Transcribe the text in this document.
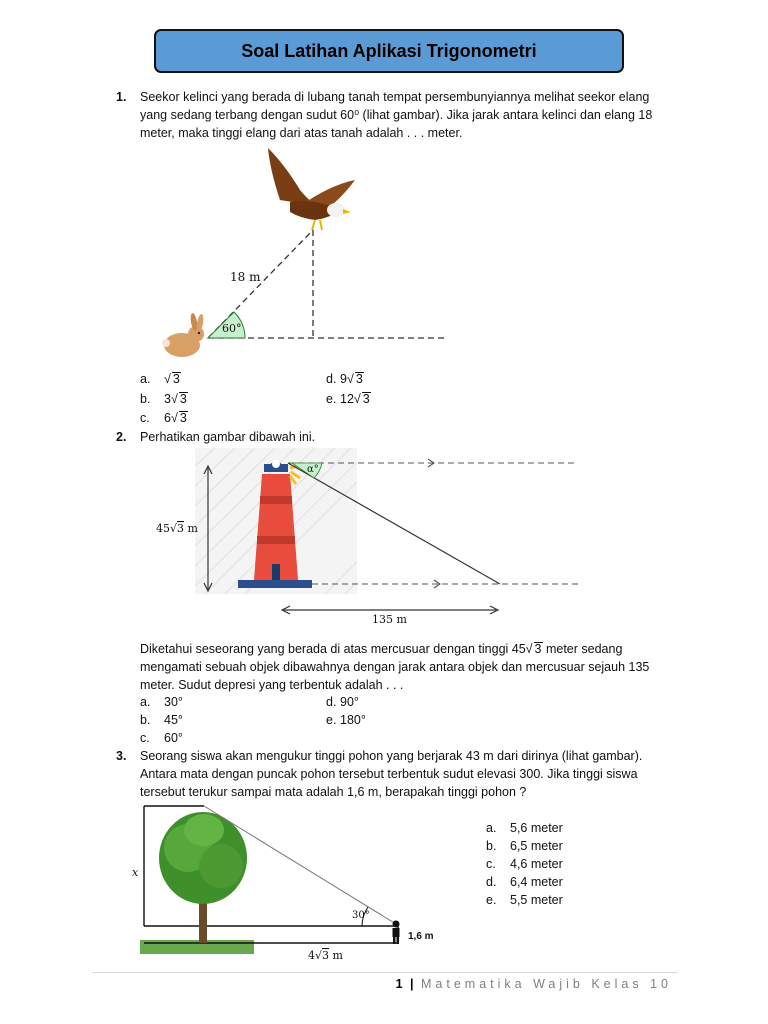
Soal Latihan Aplikasi Trigonometri
1. Seekor kelinci yang berada di lubang tanah tempat persembunyiannya melihat seekor elang yang sedang terbang dengan sudut 60⁰ (lihat gambar). Jika jarak antara kelinci dan elang 18 meter, maka tinggi elang dari atas tanah adalah . . . meter.
60°
18 m
a. √ 3
b. 3√ 3
c. 6√ 3
d. 9√ 3
e. 12√ 3
2. Perhatikan gambar dibawah ini.
45√3 m
α°
135 m
Diketahui seseorang yang berada di atas mercusuar dengan tinggi 45√ 3 meter sedang mengamati sebuah objek dibawahnya dengan jarak antara objek dan mercusuar sejauh 135 meter. Sudut depresi yang terbentuk adalah . . .
a. 30°
b. 45°
c. 60°
d. 90°
e. 180°
3. Seorang siswa akan mengukur tinggi pohon yang berjarak 43 m dari dirinya (lihat gambar). Antara mata dengan puncak pohon tersebut terbentuk sudut elevasi 300. Jika tinggi siswa tersebut terukur sampai mata adalah 1,6 m, berapakah tinggi pohon ?
30°
1,6 m
x
4√3 m
a. 5,6 meter
b. 6,5 meter
c. 4,6 meter
d. 6,4 meter
e. 5,5 meter
1 | Matematika Wajib Kelas 10
